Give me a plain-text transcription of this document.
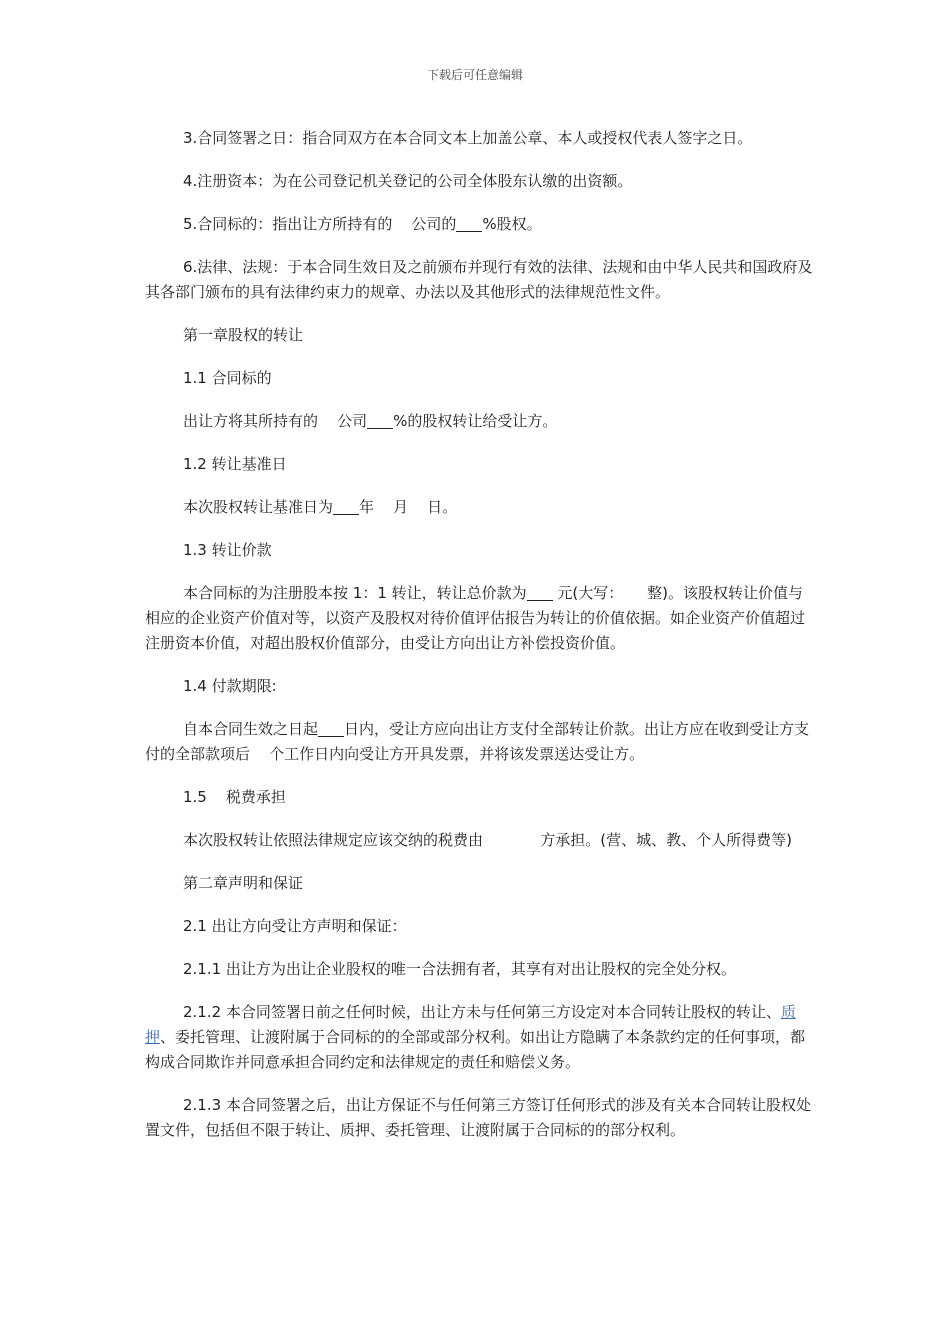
下载后可任意编辑

3.合同签署之日：指合同双方在本合同文本上加盖公章、本人或授权代表人签字之日。

4.注册资本：为在公司登记机关登记的公司全体股东认缴的出资额。

5.合同标的：指出让方所持有的    公司的 %股权。

6.法律、法规：于本合同生效日及之前颁布并现行有效的法律、法规和由中华人民共和国政府及其各部门颁布的具有法律约束力的规章、办法以及其他形式的法律规范性文件。

第一章股权的转让

1.1 合同标的

出让方将其所持有的    公司 %的股权转让给受让方。

1.2 转让基准日

本次股权转让基准日为 年    月    日。

1.3 转让价款

本合同标的为注册股本按 1：1 转让，转让总价款为 元(大写：     整)。该股权转让价值与相应的企业资产价值对等，以资产及股权对待价值评估报告为转让的价值依据。如企业资产价值超过注册资本价值，对超出股权价值部分，由受让方向出让方补偿投资价值。

1.4 付款期限:

自本合同生效之日起 日内，受让方应向出让方支付全部转让价款。出让方应在收到受让方支付的全部款项后    个工作日内向受让方开具发票，并将该发票送达受让方。

1.5    税费承担

本次股权转让依照法律规定应该交纳的税费由            方承担。(营、城、教、个人所得费等)

第二章声明和保证

2.1 出让方向受让方声明和保证：

2.1.1 出让方为出让企业股权的唯一合法拥有者，其享有对出让股权的完全处分权。

2.1.2 本合同签署日前之任何时候，出让方未与任何第三方设定对本合同转让股权的转让、质押、委托管理、让渡附属于合同标的的全部或部分权利。如出让方隐瞒了本条款约定的任何事项，都构成合同欺诈并同意承担合同约定和法律规定的责任和赔偿义务。

2.1.3 本合同签署之后，出让方保证不与任何第三方签订任何形式的涉及有关本合同转让股权处置文件，包括但不限于转让、质押、委托管理、让渡附属于合同标的的部分权利。
